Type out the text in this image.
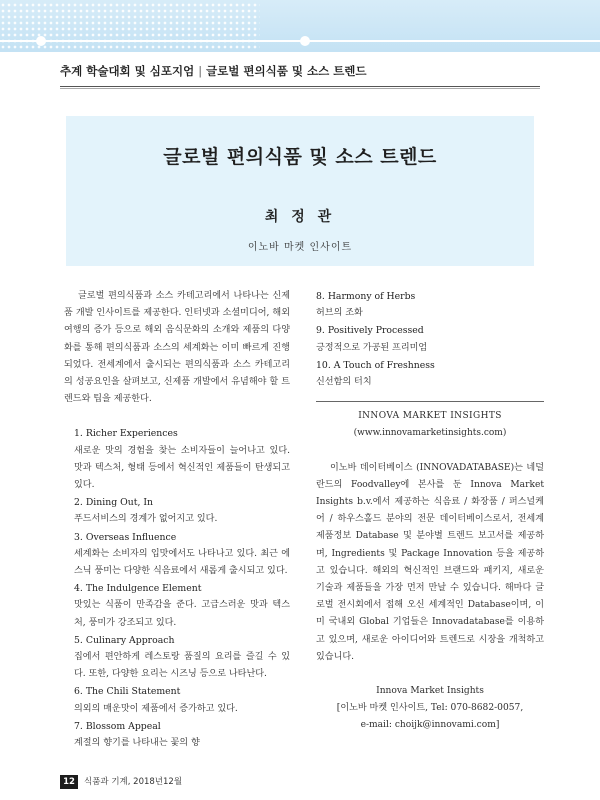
추계 학술대회 및 심포지엄 | 글로벌 편의식품 및 소스 트렌드
글로벌 편의식품 및 소스 트렌드
최 정 관
이노바 마켓 인사이트

글로벌 편의식품과 소스 카테고리에서 나타나는 신제품 개발 인사이트를 제공한다. 인터넷과 소셜미디어, 해외여행의 증가 등으로 해외 음식문화의 소개와 제품의 다양화를 통해 편의식품과 소스의 세계화는 이미 빠르게 진행되었다. 전세계에서 출시되는 편의식품과 소스 카테고리의 성공요인을 살펴보고, 신제품 개발에서 유념해야 할 트렌드와 팁을 제공한다.

1. Richer Experiences

새로운 맛의 경험을 찾는 소비자들이 늘어나고 있다. 맛과 텍스처, 형태 등에서 혁신적인 제품들이 탄생되고 있다.

2. Dining Out, In

푸드서비스의 경계가 없어지고 있다.

3. Overseas Influence

세계화는 소비자의 입맛에서도 나타나고 있다. 최근 에스닉 풍미는 다양한 식음료에서 새롭게 출시되고 있다.

4. The Indulgence Element

맛있는 식품이 만족감을 준다. 고급스러운 맛과 텍스처, 풍미가 강조되고 있다.

5. Culinary Approach

집에서 편안하게 레스토랑 품질의 요리를 즐길 수 있다. 또한, 다양한 요리는 시즈닝 등으로 나타난다.

6. The Chili Statement

의외의 매운맛이 제품에서 증가하고 있다.

7. Blossom Appeal

계절의 향기를 나타내는 꽃의 향

8. Harmony of Herbs

허브의 조화

9. Positively Processed

긍정적으로 가공된 프리미엄

10. A Touch of Freshness

신선함의 터치

INNOVA MARKET INSIGHTS

(www.innovamarketinsights.com)

이노바 데이터베이스 (INNOVADATABASE)는 네덜란드의 Foodvalley에 본사를 둔 Innova Market Insights b.v.에서 제공하는 식음료 / 화장품 / 퍼스널케어 / 하우스홀드 분야의 전문 데이터베이스로서, 전세계 제품정보 Database 및 분야별 트렌드 보고서를 제공하며, Ingredients 및 Package Innovation 등을 제공하고 있습니다. 해외의 혁신적인 브랜드와 패키지, 새로운 기술과 제품들을 가장 먼저 만날 수 있습니다. 해마다 글로벌 전시회에서 접해 오신 세계적인 Database이며, 이미 국내외 Global 기업들은 Innovadatabase를 이용하고 있으며, 새로운 아이디어와 트렌드로 시장을 개척하고 있습니다.

Innova Market Insights

[이노바 마켓 인사이트, Tel: 070-8682-0057,

e-mail: choijk@innovami.com]

12	식품과 기계, 2018년12월
